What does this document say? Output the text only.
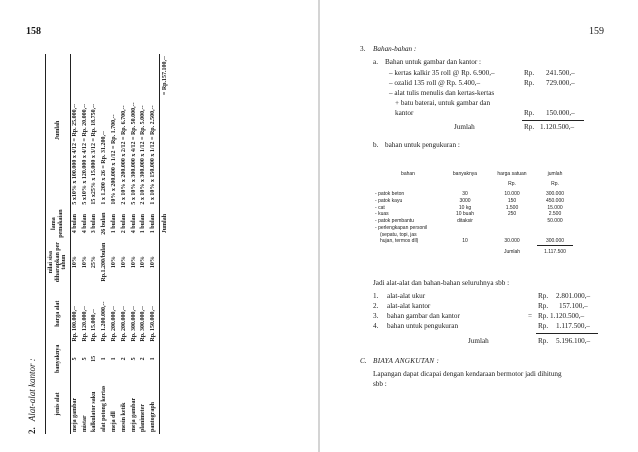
158
2.Alat-alat kantor :	jenis alat	banyaknya	harga alat	nilai sisa diharapkan per tahun	lama pemakaian	Jumlah
meja gambar	5	Rp. 100.000,--	10%	4 bulan	5 x10% x 100.000 x 4/12 = Rp. 25.000,--
mistar	5	Rp. 120.000,--	10%	4 bulan	5 x10% x 120.000 x 4/12 = Rp. 20.000,--
kalkulator saku	15	Rp. 15.000,--	25%	3 bulan	15 x25% x 15.000 x 3/12 = Rp. 18.750,--
alat potong kertas	1	Rp. 1.200.000,--	Rp.1.200/bulan	26 bulan	1 x 1.200 x 26 = Rp. 31.200,--
meja dll	1	Rp. 200.000,--	10%	1 bulan	10% x 200.000 x 1/12 = Rp. 1.700,--
mesin ketik	2	Rp. 200.000,--	10%	2 bulan	2 x 10% x 200.000 x 2/12 = Rp. 6.700,--
meja gambar	5	Rp. 300.000,--	10%	4 bulan	5 x 10% x 300.000 x 4/12 = Rp. 50.000,--
planimeter	2	Rp. 300.000,--	10%	1 bulan	2 x 10% x 300.000 x 1/12 = Rp. 5.000,--
pantograph	1	Rp. 150.000,--	10%	1 bulan	1 x 10% x 150.000 x 1/12 = Rp. 2.500,--
				Jumlah	= Rp.157.100,--
159
3. Bahan-bahan :
a. Bahan untuk gambar dan kantor :
– kertas kalkir 35 roll @ Rp. 6.900,–	Rp. 241.500,–
– ozalid 135 roll @ Rp. 5.400,–	Rp. 729.000,–
– alat tulis menulis dan kertas-kertas
+ batu baterai, untuk gambar dan
kantor	Rp. 150.000,–
Jumlah	Rp. 1.120.500,–
b. bahan untuk pengukuran :
bahan	banyaknya	harga satuan	jumlah
		Rp.	Rp.
- patok beton	30	10.000	300.000
- patok kayu	3000	150	450.000
- cat	10 kg	1.500	15.000
- kuas	10 buah	250	2.500
- patok pembantu	ditaksir		50.000
- perlengkapan personil			
(sepatu, topi, jas			
hujan, termos dll)	10	30.000	300.000
		Jumlah	1.117.500
Jadi alat-alat dan bahan-bahan seluruhnya sbb :
1. alat-alat ukur	Rp. 2.801.000,–
2. alat-alat kantor	Rp. 157.100,–
3. bahan gambar dan kantor	= Rp. 1.120.500,–
4. bahan untuk pengukuran	Rp. 1.117.500,–
Jumlah	Rp. 5.196.100,–
C. BIAYA ANGKUTAN :
Lapangan dapat dicapai dengan kendaraan bermotor jadi dihitung
sbb :
